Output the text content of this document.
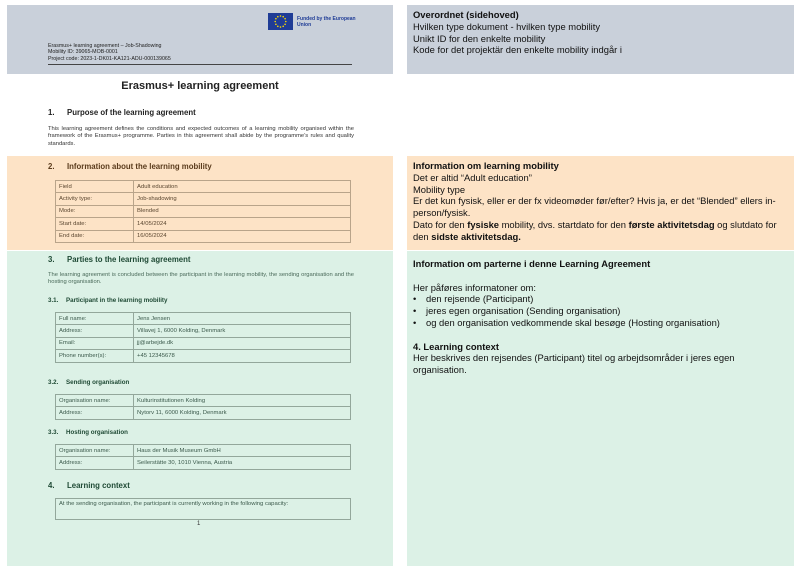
Funded by the European Union
Erasmus+ learning agreement – Job-Shadowing
Mobility ID: 39065-MOB-0001
Project code: 2023-1-DK01-KA121-ADU-000139065
Erasmus+ learning agreement
1. Purpose of the learning agreement
This learning agreement defines the conditions and expected outcomes of a learning mobility organised within the framework of the Erasmus+ programme. Parties in this agreement shall abide by the programme’s rules and quality standards.
2. Information about the learning mobility
Field	Adult education
Activity type:	Job-shadowing
Mode:	Blended
Start date:	14/05/2024
End date:	16/05/2024
3. Parties to the learning agreement
The learning agreement is concluded between the participant in the learning mobility, the sending organisation and the hosting organisation.
3.1. Participant in the learning mobility
Full name:	Jens Jensen
Address:	Villavej 1, 6000 Kolding, Denmark
Email:	jj@arbejde.dk
Phone number(s):	+45 12345678
3.2. Sending organisation
Organisation name:	Kulturinstitutionen Kolding
Address:	Nytorv 11, 6000 Kolding, Denmark
3.3. Hosting organisation
Organisation name:	Haus der Musik Museum GmbH
Address:	Seilerstätte 30, 1010 Vienna, Austria
4. Learning context
At the sending organisation, the participant is currently working in the following capacity:
1
Overordnet (sidehoved)
Hvilken type dokument - hvilken type mobility
Unikt ID for den enkelte mobility
Kode for det projektär den enkelte mobility indgår i
Information om learning mobility
Det er altid “Adult education”
Mobility type
Er det kun fysisk, eller er der fx videomøder før/efter? Hvis ja, er det “Blended” ellers in-person/fysisk.
Dato for den fysiske mobility, dvs. startdato for den første aktivitetsdag og slutdato for den sidste aktivitetsdag.
Information om parterne i denne Learning Agreement
Her påføres informatoner om:
• den rejsende (Participant)
• jeres egen organisation (Sending organisation)
• og den organisation vedkommende skal besøge (Hosting organisation)
4. Learning context
Her beskrives den rejsendes (Participant) titel og arbejdsområder i jeres egen organisation.
